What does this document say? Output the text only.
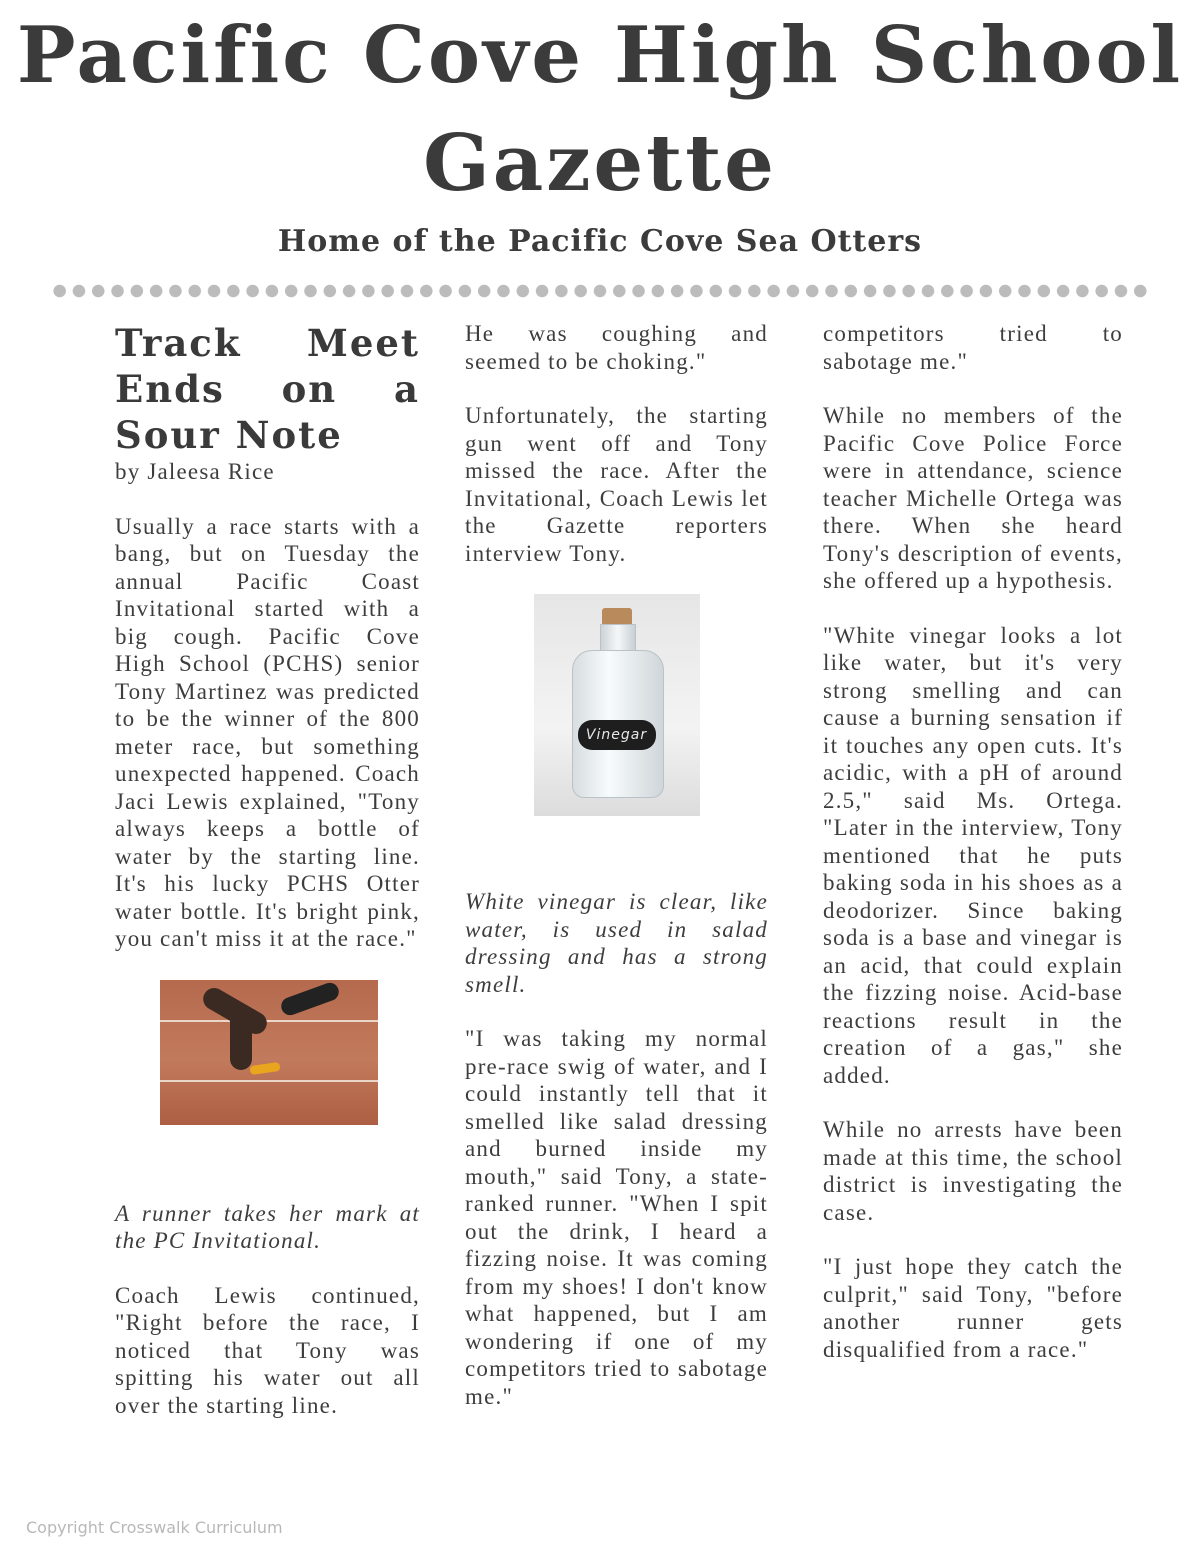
Pacific Cove High School
Gazette
Home of the Pacific Cove Sea Otters
Track Meet Ends on a Sour Note

by Jaleesa Rice

Usually a race starts with a bang, but on Tuesday the annual Pacific Coast Invitational started with a big cough. Pacific Cove High School (PCHS) senior Tony Martinez was predicted to be the winner of the 800 meter race, but something unexpected happened. Coach Jaci Lewis explained, "Tony always keeps a bottle of water by the starting line. It's his lucky PCHS Otter water bottle. It's bright pink, you can't miss it at the race."

A runner takes her mark at the PC Invitational.

Coach Lewis continued, "Right before the race, I noticed that Tony was spitting his water out all over the starting line.

He was coughing and seemed to be choking."

Unfortunately, the starting gun went off and Tony missed the race. After the Invitational, Coach Lewis let the Gazette reporters interview Tony.

Vinegar

White vinegar is clear, like water, is used in salad dressing and has a strong smell.

"I was taking my normal pre-race swig of water, and I could instantly tell that it smelled like salad dressing and burned inside my mouth," said Tony, a state-ranked runner. "When I spit out the drink, I heard a fizzing noise. It was coming from my shoes! I don't know what happened, but I am wondering if one of my competitors tried to sabotage me."

competitors tried to sabotage me."

While no members of the Pacific Cove Police Force were in attendance, science teacher Michelle Ortega was there. When she heard Tony's description of events, she offered up a hypothesis.

"White vinegar looks a lot like water, but it's very strong smelling and can cause a burning sensation if it touches any open cuts. It's acidic, with a pH of around 2.5," said Ms. Ortega. "Later in the interview, Tony mentioned that he puts baking soda in his shoes as a deodorizer. Since baking soda is a base and vinegar is an acid, that could explain the fizzing noise. Acid-base reactions result in the creation of a gas," she added.

While no arrests have been made at this time, the school district is investigating the case.

"I just hope they catch the culprit," said Tony, "before another runner gets disqualified from a race."

Copyright Crosswalk Curriculum
